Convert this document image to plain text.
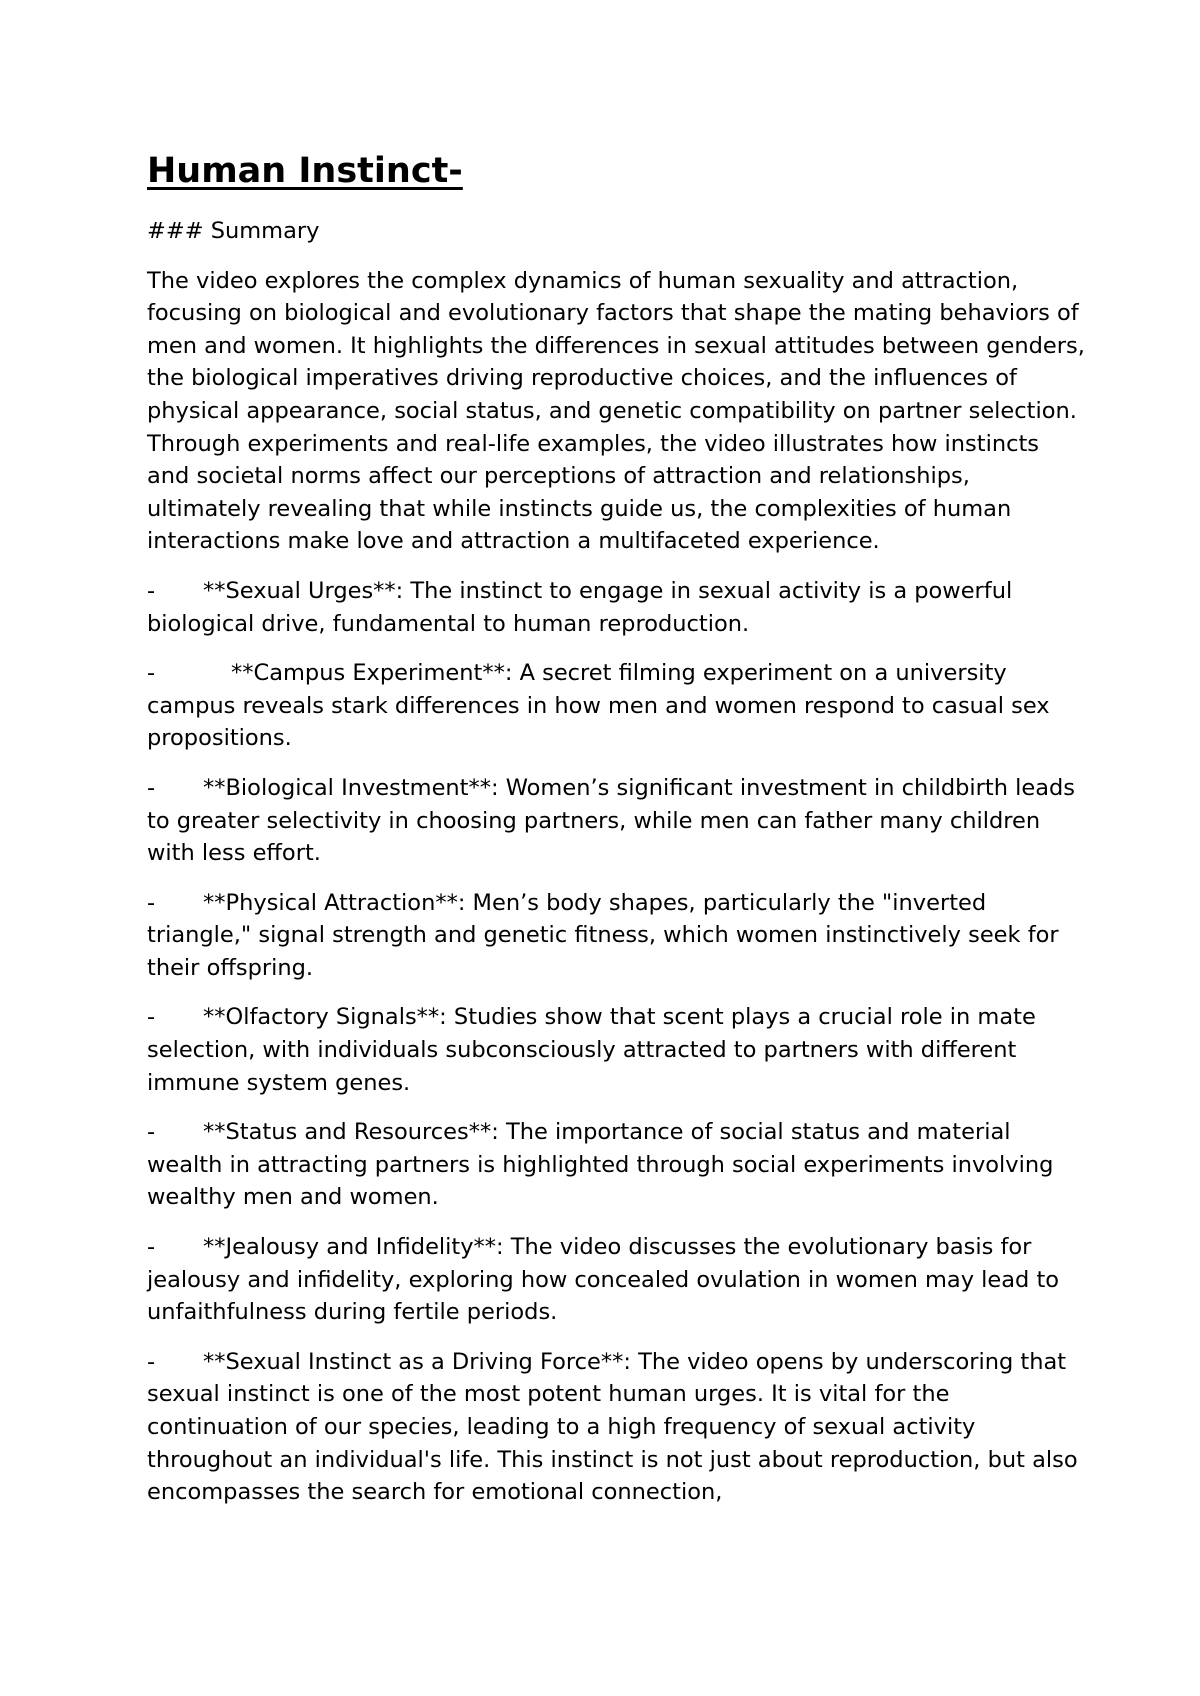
Human Instinct-

### Summary

The video explores the complex dynamics of human sexuality and attraction, focusing on biological and evolutionary factors that shape the mating behaviors of men and women. It highlights the differences in sexual attitudes between genders, the biological imperatives driving reproductive choices, and the influences of physical appearance, social status, and genetic compatibility on partner selection. Through experiments and real-life examples, the video illustrates how instincts and societal norms affect our perceptions of attraction and relationships, ultimately revealing that while instincts guide us, the complexities of human interactions make love and attraction a multifaceted experience.

- **Sexual Urges**: The instinct to engage in sexual activity is a powerful biological drive, fundamental to human reproduction.

-	**Campus Experiment**: A secret filming experiment on a university campus reveals stark differences in how men and women respond to casual sex propositions.

- **Biological Investment**: Women’s significant investment in childbirth leads to greater selectivity in choosing partners, while men can father many children with less effort.

- **Physical Attraction**: Men’s body shapes, particularly the "inverted triangle," signal strength and genetic fitness, which women instinctively seek for their offspring.

- **Olfactory Signals**: Studies show that scent plays a crucial role in mate selection, with individuals subconsciously attracted to partners with different immune system genes.

- **Status and Resources**: The importance of social status and material wealth in attracting partners is highlighted through social experiments involving wealthy men and women.

- **Jealousy and Infidelity**: The video discusses the evolutionary basis for jealousy and infidelity, exploring how concealed ovulation in women may lead to unfaithfulness during fertile periods.

- **Sexual Instinct as a Driving Force**: The video opens by underscoring that sexual instinct is one of the most potent human urges. It is vital for the continuation of our species, leading to a high frequency of sexual activity throughout an individual's life. This instinct is not just about reproduction, but also encompasses the search for emotional connection,
